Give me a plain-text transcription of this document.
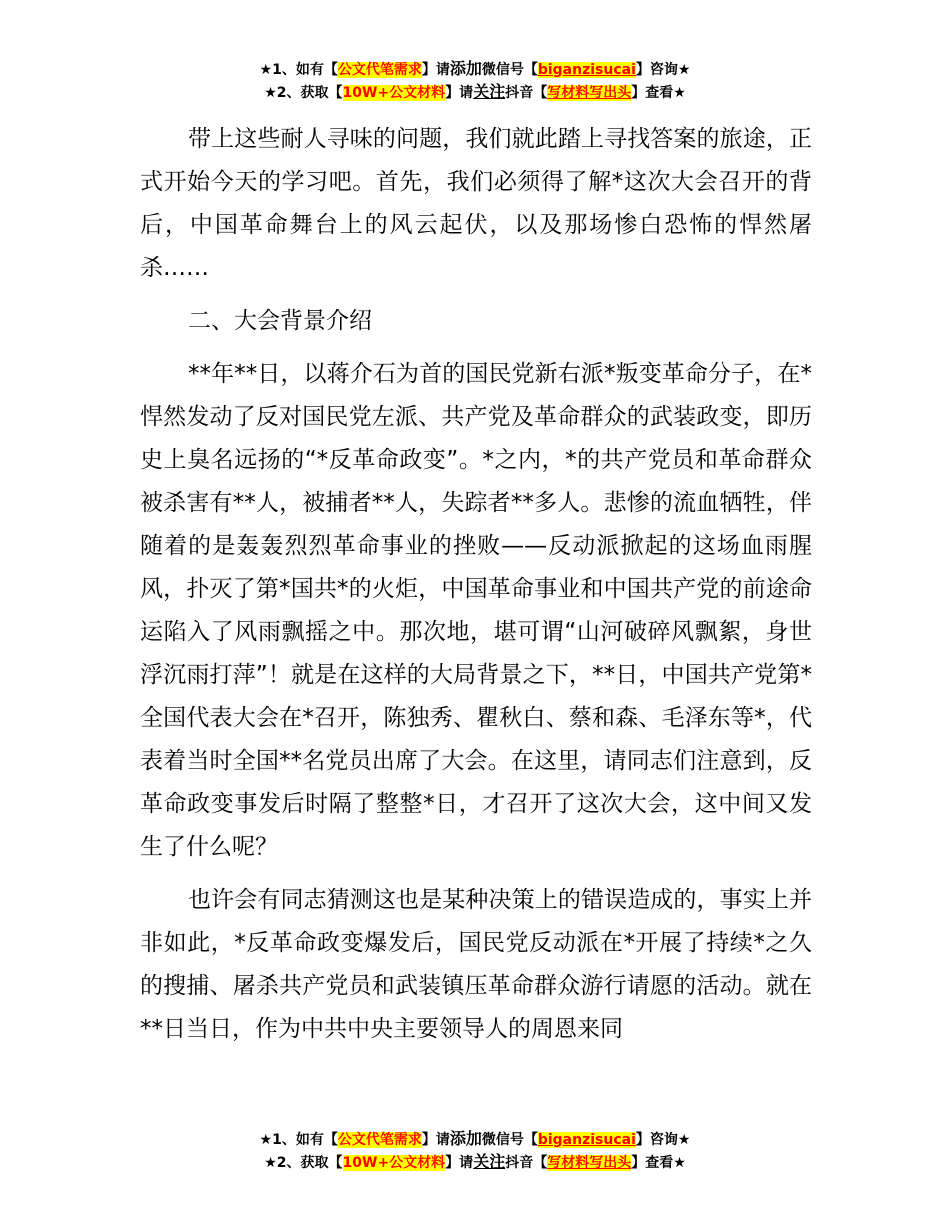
★1、如有【公文代笔需求】请添加微信号【biganzisucai】咨询★
★2、获取【10W+公文材料】请关注抖音【写材料写出头】查看★

带上这些耐人寻味的问题，我们就此踏上寻找答案的旅途，正式开始今天的学习吧。首先，我们必须得了解*这次大会召开的背后，中国革命舞台上的风云起伏，以及那场惨白恐怖的悍然屠杀……

二、大会背景介绍

**年**日，以蒋介石为首的国民党新右派*叛变革命分子，在*悍然发动了反对国民党左派、共产党及革命群众的武装政变，即历史上臭名远扬的“*反革命政变”。*之内，*的共产党员和革命群众被杀害有**人，被捕者**人，失踪者**多人。悲惨的流血牺牲，伴随着的是轰轰烈烈革命事业的挫败——反动派掀起的这场血雨腥风，扑灭了第*国共*的火炬，中国革命事业和中国共产党的前途命运陷入了风雨飘摇之中。那次地，堪可谓“山河破碎风飘絮，身世浮沉雨打萍”！就是在这样的大局背景之下，**日，中国共产党第*全国代表大会在*召开，陈独秀、瞿秋白、蔡和森、毛泽东等*，代表着当时全国**名党员出席了大会。在这里，请同志们注意到，反革命政变事发后时隔了整整*日，才召开了这次大会，这中间又发生了什么呢？

也许会有同志猜测这也是某种决策上的错误造成的，事实上并非如此，*反革命政变爆发后，国民党反动派在*开展了持续*之久的搜捕、屠杀共产党员和武装镇压革命群众游行请愿的活动。就在**日当日，作为中共中央主要领导人的周恩来同

★1、如有【公文代笔需求】请添加微信号【biganzisucai】咨询★
★2、获取【10W+公文材料】请关注抖音【写材料写出头】查看★
